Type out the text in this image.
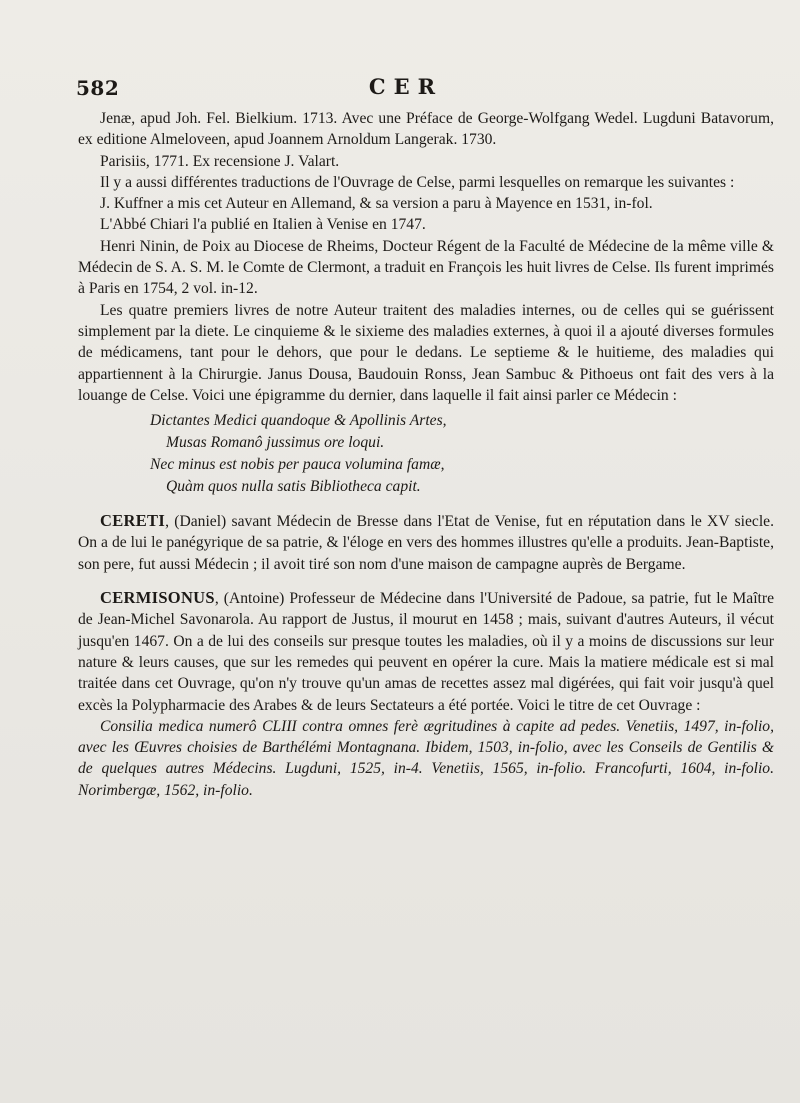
582	CER

Jenæ, apud Joh. Fel. Bielkium. 1713. Avec une Préface de George-Wolfgang Wedel. Lugduni Batavorum, ex editione Almeloveen, apud Joannem Arnoldum Langerak. 1730.

Parisiis, 1771. Ex recensione J. Valart.

Il y a aussi différentes traductions de l'Ouvrage de Celse, parmi lesquelles on remarque les suivantes :

J. Kuffner a mis cet Auteur en Allemand, & sa version a paru à Mayence en 1531, in-fol.

L'Abbé Chiari l'a publié en Italien à Venise en 1747.

Henri Ninin, de Poix au Diocese de Rheims, Docteur Régent de la Faculté de Médecine de la même ville & Médecin de S. A. S. M. le Comte de Clermont, a traduit en François les huit livres de Celse. Ils furent imprimés à Paris en 1754, 2 vol. in-12.

Les quatre premiers livres de notre Auteur traitent des maladies internes, ou de celles qui se guérissent simplement par la diete. Le cinquieme & le sixieme des maladies externes, à quoi il a ajouté diverses formules de médicamens, tant pour le dehors, que pour le dedans. Le septieme & le huitieme, des maladies qui appartiennent à la Chirurgie. Janus Dousa, Baudouin Ronss, Jean Sambuc & Pithoeus ont fait des vers à la louange de Celse. Voici une épigramme du dernier, dans laquelle il fait ainsi parler ce Médecin :

Dictantes Medici quandoque & Apollinis Artes,
Musas Romanô jussimus ore loqui.
Nec minus est nobis per pauca volumina famæ,
Quàm quos nulla satis Bibliotheca capit.

CERETI, (Daniel) savant Médecin de Bresse dans l'Etat de Venise, fut en réputation dans le XV siecle. On a de lui le panégyrique de sa patrie, & l'éloge en vers des hommes illustres qu'elle a produits. Jean-Baptiste, son pere, fut aussi Médecin ; il avoit tiré son nom d'une maison de campagne auprès de Bergame.

CERMISONUS, (Antoine) Professeur de Médecine dans l'Université de Padoue, sa patrie, fut le Maître de Jean-Michel Savonarola. Au rapport de Justus, il mourut en 1458 ; mais, suivant d'autres Auteurs, il vécut jusqu'en 1467. On a de lui des conseils sur presque toutes les maladies, où il y a moins de discussions sur leur nature & leurs causes, que sur les remedes qui peuvent en opérer la cure. Mais la matiere médicale est si mal traitée dans cet Ouvrage, qu'on n'y trouve qu'un amas de recettes assez mal digérées, qui fait voir jusqu'à quel excès la Polypharmacie des Arabes & de leurs Sectateurs a été portée. Voici le titre de cet Ouvrage :

Consilia medica numerô CLIII contra omnes ferè ægritudines à capite ad pedes. Venetiis, 1497, in-folio, avec les Œuvres choisies de Barthélémi Montagnana. Ibidem, 1503, in-folio, avec les Conseils de Gentilis & de quelques autres Médecins. Lugduni, 1525, in-4. Venetiis, 1565, in-folio. Francofurti, 1604, in-folio. Norimbergæ, 1562, in-folio.
